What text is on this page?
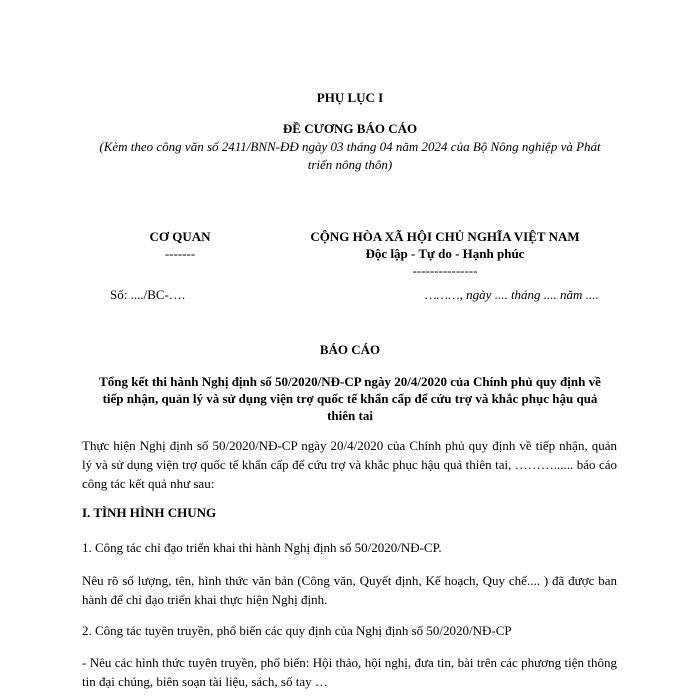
PHỤ LỤC I
ĐỀ CƯƠNG BÁO CÁO
(Kèm theo công văn số 2411/BNN-ĐĐ ngày 03 tháng 04 năm 2024 của Bộ Nông nghiệp và Phát
triển nông thôn)
CƠ QUAN
-------
Số: ..../BC-….
CỘNG HÒA XÃ HỘI CHỦ NGHĨA VIỆT NAM
Độc lập - Tự do - Hạnh phúc
---------------
………, ngày .... tháng .... năm ....
BÁO CÁO
Tổng kết thi hành Nghị định số 50/2020/NĐ-CP ngày 20/4/2020 của Chính phủ quy định về
tiếp nhận, quản lý và sử dụng viện trợ quốc tế khẩn cấp để cứu trợ và khắc phục hậu quả
thiên tai
Thực hiện Nghị định số 50/2020/NĐ-CP ngày 20/4/2020 của Chính phủ quy định về tiếp nhận, quản lý và sử dụng viện trợ quốc tế khẩn cấp để cứu trợ và khắc phục hậu quả thiên tai, ………...... báo cáo công tác kết quả như sau:
I. TÌNH HÌNH CHUNG
1. Công tác chỉ đạo triển khai thi hành Nghị định số 50/2020/NĐ-CP.
Nêu rõ số lượng, tên, hình thức văn bản (Công văn, Quyết định, Kế hoạch, Quy chế.... ) đã được ban hành để chỉ đạo triển khai thực hiện Nghị định.
2. Công tác tuyên truyền, phổ biến các quy định của Nghị định số 50/2020/NĐ-CP
- Nêu các hình thức tuyên truyền, phổ biến: Hội thảo, hội nghị, đưa tin, bài trên các phương tiện thông tin đại chúng, biên soạn tài liệu, sách, số tay …
